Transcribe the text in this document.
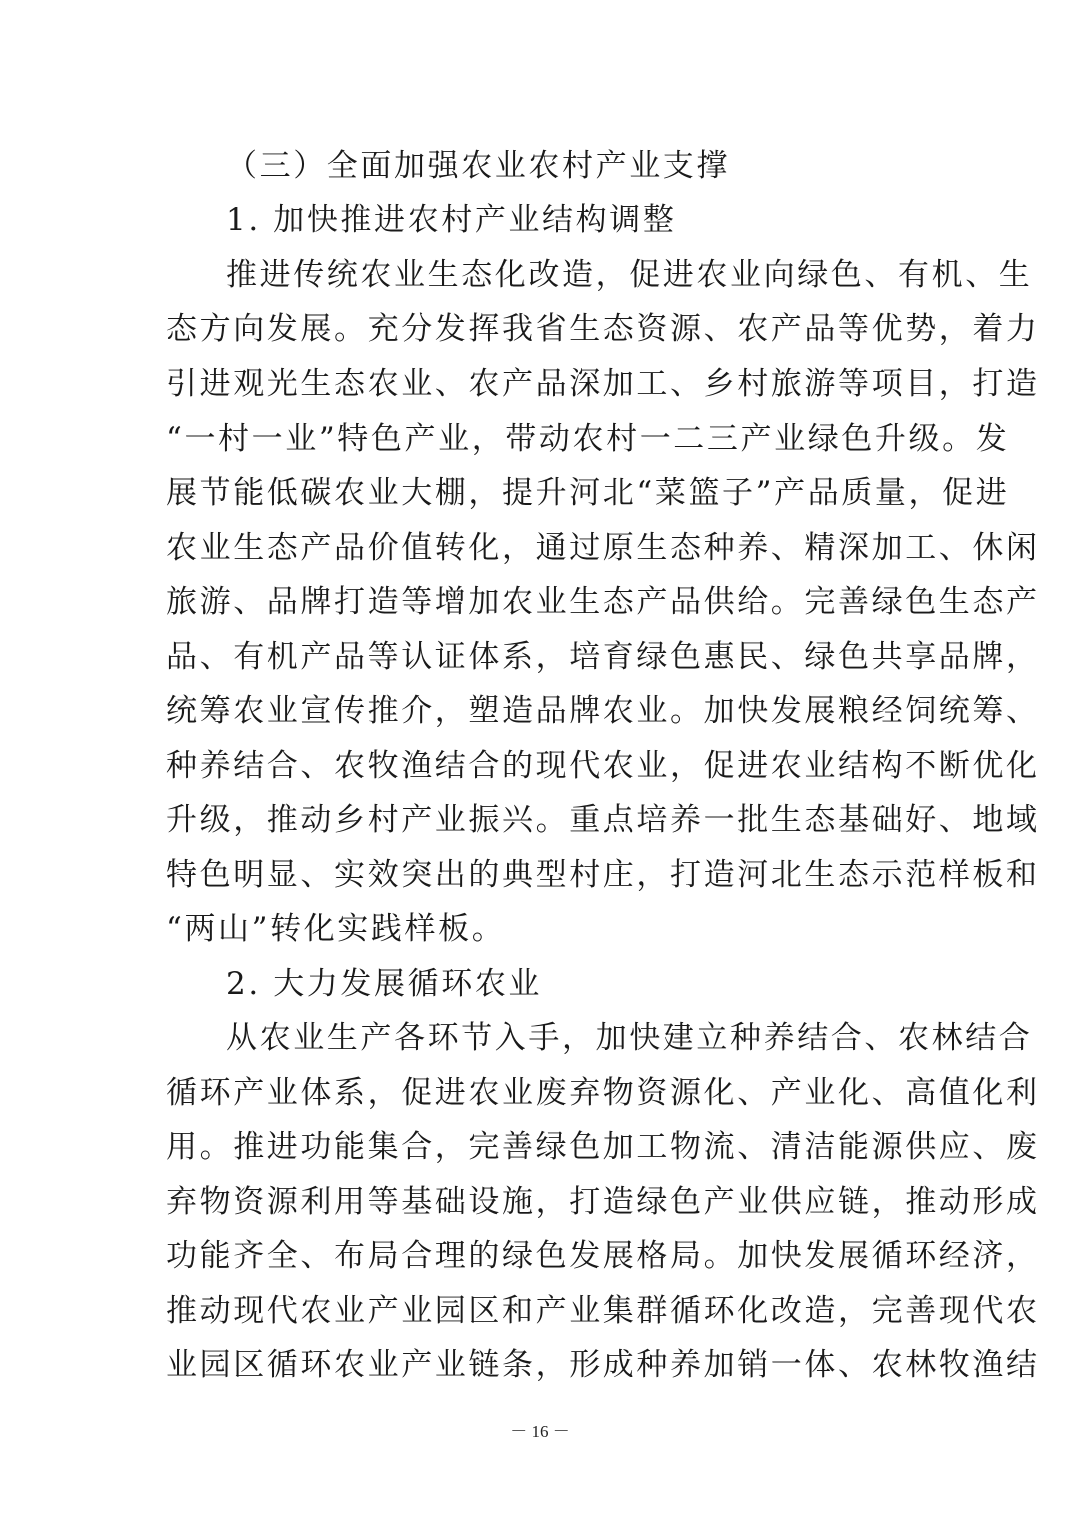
（三）全面加强农业农村产业支撑
1. 加快推进农村产业结构调整
推进传统农业生态化改造，促进农业向绿色、有机、生
态方向发展。充分发挥我省生态资源、农产品等优势，着力
引进观光生态农业、农产品深加工、乡村旅游等项目，打造
“一村一业”特色产业，带动农村一二三产业绿色升级。发
展节能低碳农业大棚，提升河北“菜篮子”产品质量，促进
农业生态产品价值转化，通过原生态种养、精深加工、休闲
旅游、品牌打造等增加农业生态产品供给。完善绿色生态产
品、有机产品等认证体系，培育绿色惠民、绿色共享品牌，
统筹农业宣传推介，塑造品牌农业。加快发展粮经饲统筹、
种养结合、农牧渔结合的现代农业，促进农业结构不断优化
升级，推动乡村产业振兴。重点培养一批生态基础好、地域
特色明显、实效突出的典型村庄，打造河北生态示范样板和
“两山”转化实践样板。
2. 大力发展循环农业
从农业生产各环节入手，加快建立种养结合、农林结合
循环产业体系，促进农业废弃物资源化、产业化、高值化利
用。推进功能集合，完善绿色加工物流、清洁能源供应、废
弃物资源利用等基础设施，打造绿色产业供应链，推动形成
功能齐全、布局合理的绿色发展格局。加快发展循环经济，
推动现代农业产业园区和产业集群循环化改造，完善现代农
业园区循环农业产业链条，形成种养加销一体、农林牧渔结
－ 16 －
